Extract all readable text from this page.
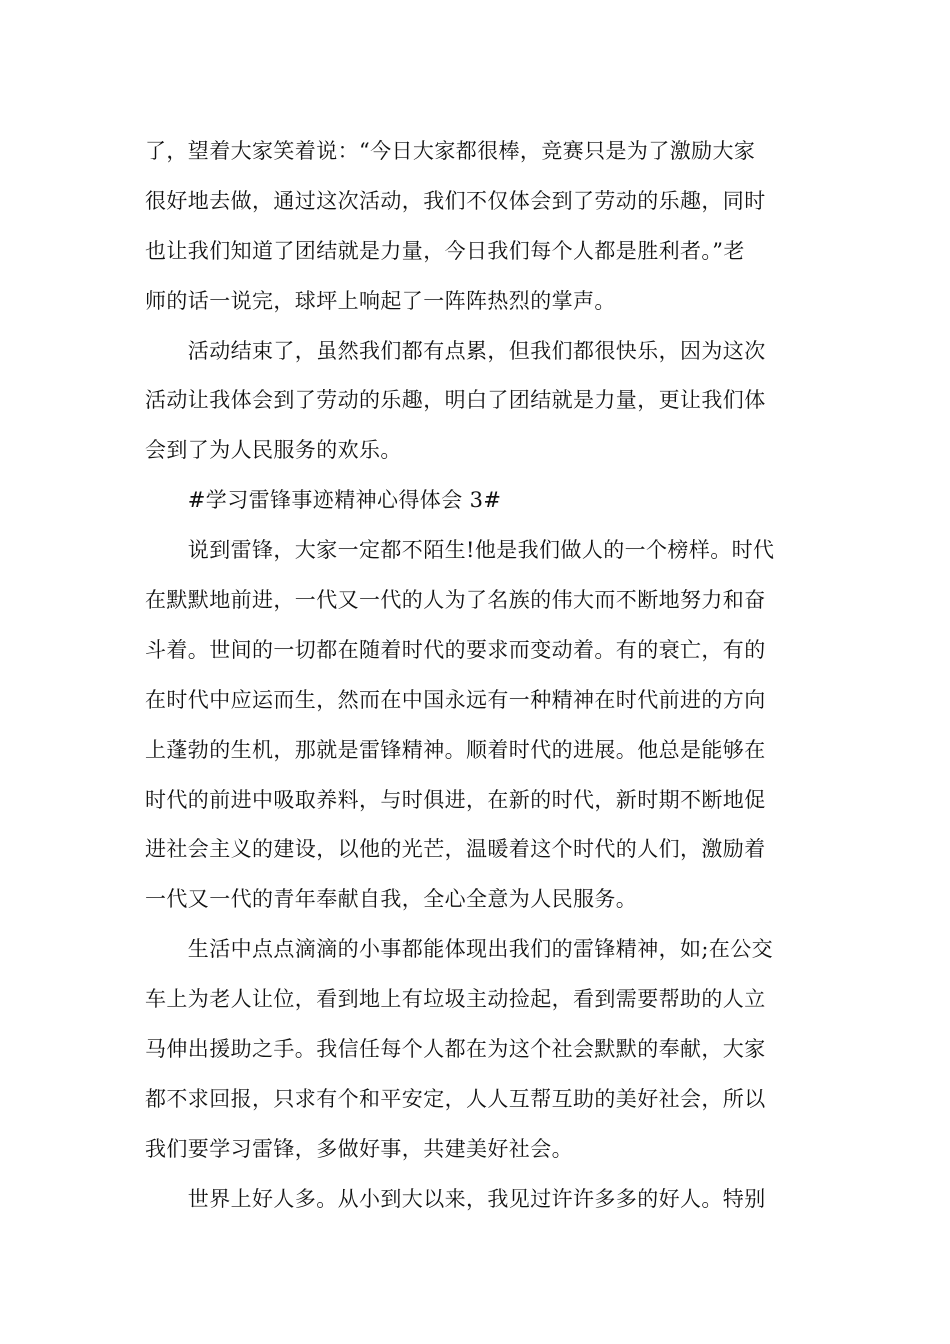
了，望着大家笑着说：“今日大家都很棒，竞赛只是为了激励大家
很好地去做，通过这次活动，我们不仅体会到了劳动的乐趣，同时
也让我们知道了团结就是力量，今日我们每个人都是胜利者。”老
师的话一说完，球坪上响起了一阵阵热烈的掌声。
　　活动结束了，虽然我们都有点累，但我们都很快乐，因为这次
活动让我体会到了劳动的乐趣，明白了团结就是力量，更让我们体
会到了为人民服务的欢乐。
　　#学习雷锋事迹精神心得体会 3#
　　说到雷锋，大家一定都不陌生!他是我们做人的一个榜样。时代
在默默地前进，一代又一代的人为了名族的伟大而不断地努力和奋
斗着。世间的一切都在随着时代的要求而变动着。有的衰亡，有的
在时代中应运而生，然而在中国永远有一种精神在时代前进的方向
上蓬勃的生机，那就是雷锋精神。顺着时代的进展。他总是能够在
时代的前进中吸取养料，与时俱进，在新的时代，新时期不断地促
进社会主义的建设，以他的光芒，温暖着这个时代的人们，激励着
一代又一代的青年奉献自我，全心全意为人民服务。
　　生活中点点滴滴的小事都能体现出我们的雷锋精神，如;在公交
车上为老人让位，看到地上有垃圾主动捡起，看到需要帮助的人立
马伸出援助之手。我信任每个人都在为这个社会默默的奉献，大家
都不求回报，只求有个和平安定，人人互帮互助的美好社会，所以
我们要学习雷锋，多做好事，共建美好社会。
　　世界上好人多。从小到大以来，我见过许许多多的好人。特别
